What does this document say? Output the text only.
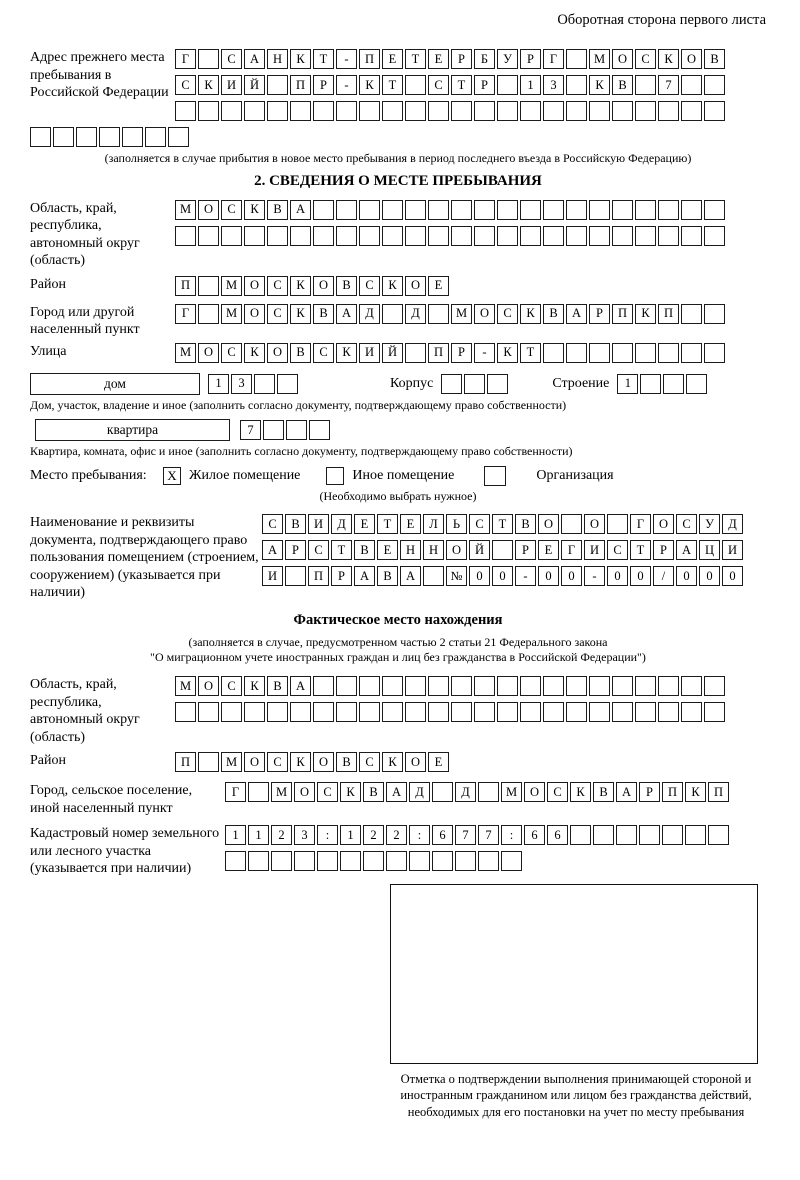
Оборотная сторона первого листа
Адрес прежнего места пребывания в Российской Федерации
Г	С	А	Н	К	Т	-	П	Е	Т	Е	Р	Б	У	Р	Г	М	О	С	К	О	В
С	К	И	Й	П	Р	-	К	Т	С	Т	Р	1	3	К	В	7
(заполняется в случае прибытия в новое место пребывания в период последнего въезда в Российскую Федерацию)
2. СВЕДЕНИЯ О МЕСТЕ ПРЕБЫВАНИЯ
Область, край, республика, автономный округ (область)
М	О	С	К	В	А
Район	П	М	О	С	К	О	В	С	К	О	Е
Город или другой населенный пункт
Г	М	О	С	К	В	А	Д	Д	М	О	С	К	В	А	Р	П	К	П
Улица	М	О	С	К	О	В	С	К	И	Й	П	Р	-	К	Т
дом	1	3	Корпус	Строение	1
Дом, участок, владение и иное (заполнить согласно документу, подтверждающему право собственности)
квартира	7
Квартира, комната, офис и иное (заполнить согласно документу, подтверждающему право собственности)
Место пребывания:	X Жилое помещение	Иное помещение	Организация
(Необходимо выбрать нужное)
Наименование и реквизиты документа, подтверждающего право пользования помещением (строением, сооружением) (указывается при наличии)
С	В	И	Д	Е	Т	Е	Л	Ь	С	Т	В	О	О	Г	О	С	У	Д
А	Р	С	Т	В	Е	Н	Н	О	Й	Р	Е	Г	И	С	Т	Р	А	Ц	И
И	П	Р	А	В	А	№	0	0	-	0	0	-	0	0	/	0	0	0
Фактическое место нахождения
(заполняется в случае, предусмотренном частью 2 статьи 21 Федерального закона
"О миграционном учете иностранных граждан и лиц без гражданства в Российской Федерации")
Область, край, республика, автономный округ (область)
М	О	С	К	В	А
Район	П	М	О	С	К	О	В	С	К	О	Е
Город, сельское поселение, иной населенный пункт
Г	М	О	С	К	В	А	Д	Д	М	О	С	К	В	А	Р	П	К	П
Кадастровый номер земельного или лесного участка (указывается при наличии)
1	1	2	3	:	1	2	2	:	6	7	7	:	6	6
Отметка о подтверждении выполнения принимающей стороной и иностранным гражданином или лицом без гражданства действий, необходимых для его постановки на учет по месту пребывания
